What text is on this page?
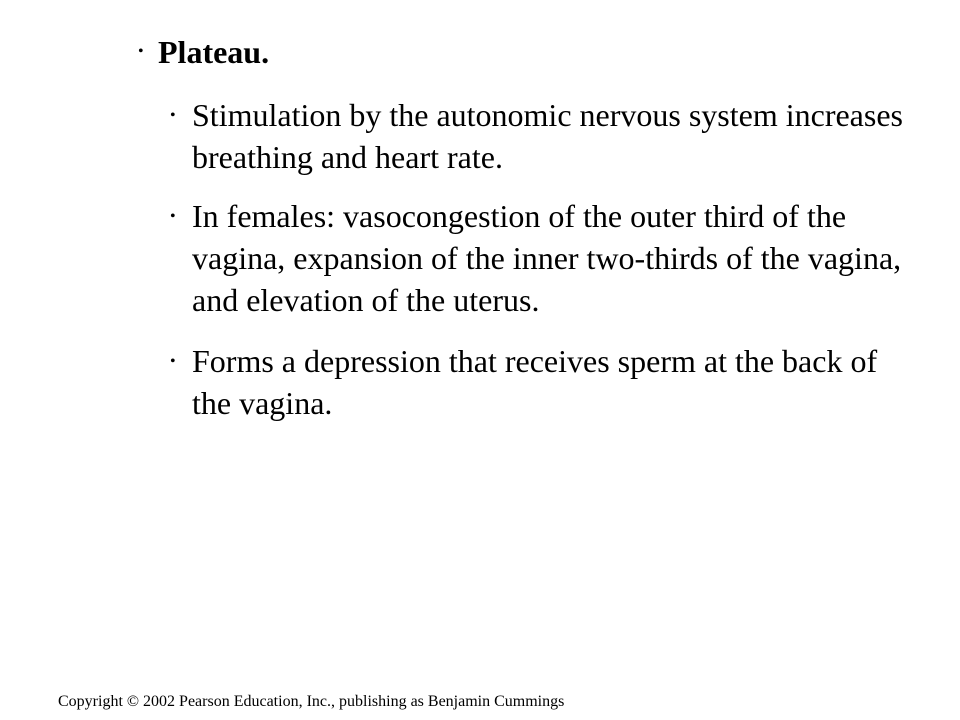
• Plateau.
• Stimulation by the autonomic nervous system increases breathing and heart rate.
• In females: vasocongestion of the outer third of the vagina, expansion of the inner two-thirds of the vagina, and elevation of the uterus.
• Forms a depression that receives sperm at the back of the vagina.
Copyright © 2002 Pearson Education, Inc., publishing as Benjamin Cummings
